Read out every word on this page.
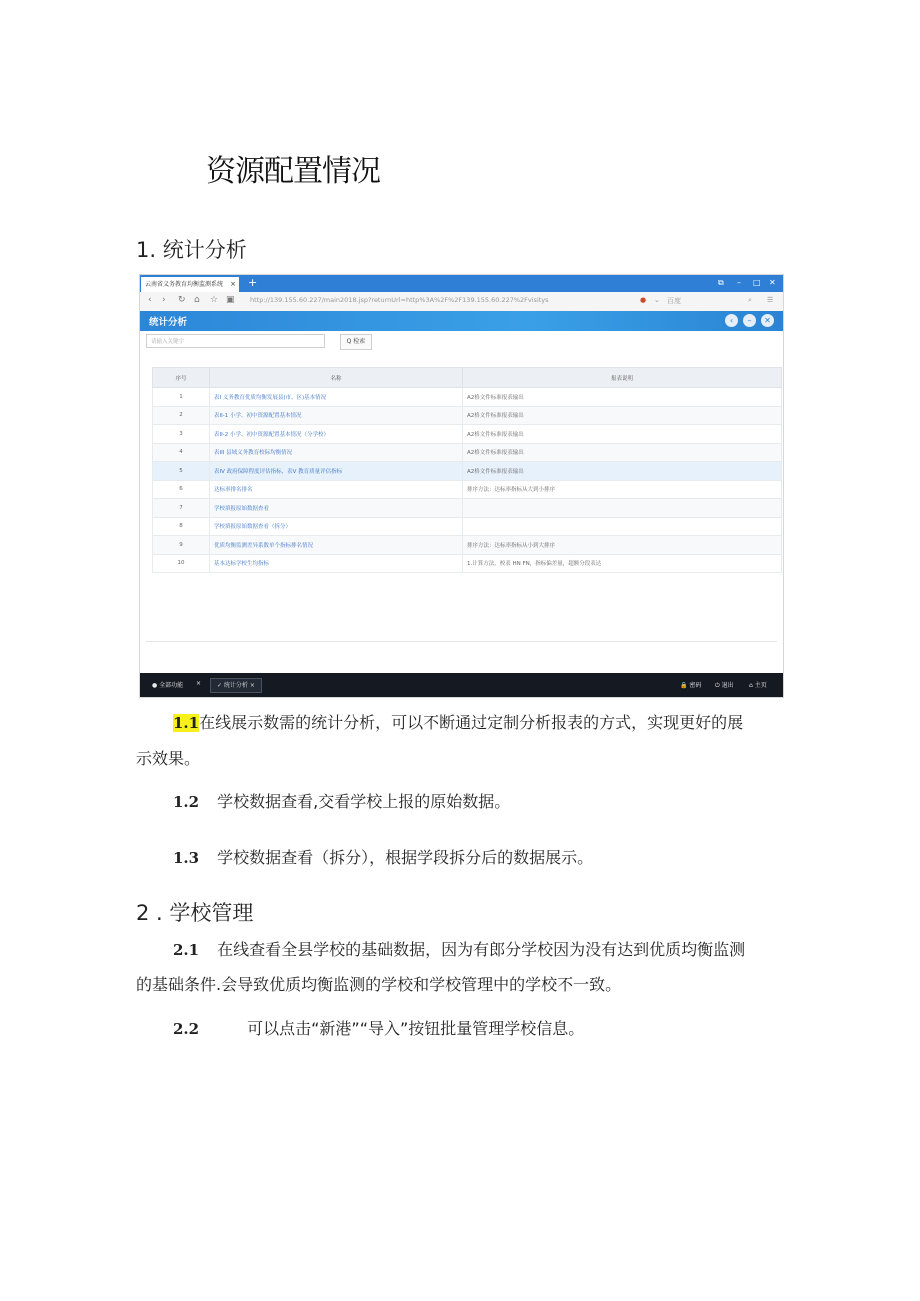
资源配置情况
1. 统计分析
云南省义务教育均衡监测系统 × +	⧉ – □ ✕
‹ › ↻ ⌂ ☆ ▣ http://139.155.60.227/main2018.jsp?returnUrl=http%3A%2F%2F139.155.60.227%2Fvisitys	● ⌄ 百度	⌕ ☰
统计分析	‹	–	✕
请输入关键字	Q 检索
序号	名称	报表说明
1	表I 义务教育优质均衡发展县(市、区)基本情况	A2格文件标准报表输出
2	表II-1 小学、初中资源配置基本情况	A2格文件标准报表输出
3	表II-2 小学、初中资源配置基本情况（分学校）	A2格文件标准报表输出
4	表III 县域义务教育校际均衡情况	A2格文件标准报表输出
5	表IV 政府保障程度评估指标，表V 教育质量评估指标	A2格文件标准报表输出
6	达标率排名排名	排序方法：达标率指标从大到小排序
7	学校填报原始数据查看	
8	学校填报原始数据查看（拆分）	
9	优质均衡监测差异系数单个指标排名情况	排序方法：达标率指标从小到大排序
10	基本达标学校生均指标	1.计算方法，校表 HN FN，指标偏差量，超额分段表达
● 全部功能 ×	✓ 统计分析 ×	🔒 密码 ⏻ 退出	⌂ 主页
1.1在线展示数需的统计分析，可以不断通过定制分析报表的方式，实现更好的展
示效果。
1.2 学校数据查看,交看学校上报的原始数据。
1.3 学校数据查看（拆分），根据学段拆分后的数据展示。
2 . 学校管理
2.1 在线查看全县学校的基础数据，因为有郎分学校因为没有达到优质均衡监测
的基础条件.会导致优质均衡监测的学校和学校管理中的学校不一致。
2.2	可以点击“新港”“导入”按钮批量管理学校信息。
